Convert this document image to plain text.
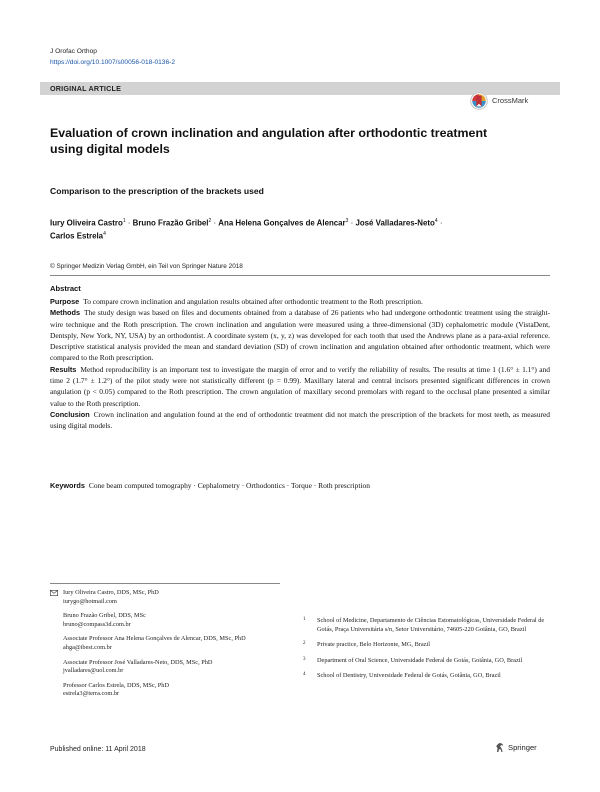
J Orofac Orthop
https://doi.org/10.1007/s00056-018-0136-2
ORIGINAL ARTICLE
CrossMark
Evaluation of crown inclination and angulation after orthodontic treatment using digital models
Comparison to the prescription of the brackets used
Iury Oliveira Castro$^1$ · Bruno Frazão Gribel$^2$ · Ana Helena Gonçalves de Alencar$^3$ · José Valladares-Neto$^4$ ·
Carlos Estrela$^4$
© Springer Medizin Verlag GmbH, ein Teil von Springer Nature 2018
Abstract

Purpose To compare crown inclination and angulation results obtained after orthodontic treatment to the Roth prescription.

Methods The study design was based on files and documents obtained from a database of 26 patients who had undergone orthodontic treatment using the straight-wire technique and the Roth prescription. The crown inclination and angulation were measured using a three-dimensional (3D) cephalometric module (VistaDent, Dentsply, New York, NY, USA) by an orthodontist. A coordinate system (x, y, z) was developed for each tooth that used the Andrews plane as a para-axial reference. Descriptive statistical analysis provided the mean and standard deviation (SD) of crown inclination and angulation obtained after orthodontic treatment, which were compared to the Roth prescription.

Results Method reproducibility is an important test to investigate the margin of error and to verify the reliability of results. The results at time 1 (1.6° ± 1.1°) and time 2 (1.7° ± 1.2°) of the pilot study were not statistically different (p = 0.99). Maxillary lateral and central incisors presented significant differences in crown angulation (p < 0.05) compared to the Roth prescription. The crown angulation of maxillary second premolars with regard to the occlusal plane presented a similar value to the Roth prescription.

Conclusion Crown inclination and angulation found at the end of orthodontic treatment did not match the prescription of the brackets for most teeth, as measured using digital models.

Keywords Cone beam computed tomography · Cephalometry · Orthodontics · Torque · Roth prescription
Iury Oliveira Castro, DDS, MSc, PhD
iurygo@hotmail.com
Bruno Frazão Gribel, DDS, MSc
bruno@compass3d.com.br
Associate Professor Ana Helena Gonçalves de Alencar, DDS, MSc, PhD
ahga@ibest.com.br
Associate Professor José Valladares-Neto, DDS, MSc, PhD
jvalladares@uol.com.br
Professor Carlos Estrela, DDS, MSc, PhD
estrela3@terra.com.br
1 School of Medicine, Departamento de Ciências Estomatológicas, Universidade Federal de Goiás, Praça Universitária s/n, Setor Universitário, 74605-220 Goiânia, GO, Brazil
2 Private practice, Belo Horizonte, MG, Brazil
3 Department of Oral Science, Universidade Federal de Goiás, Goiânia, GO, Brazil
4 School of Dentistry, Universidade Federal de Goiás, Goiânia, GO, Brazil
Published online: 11 April 2018	Springer
